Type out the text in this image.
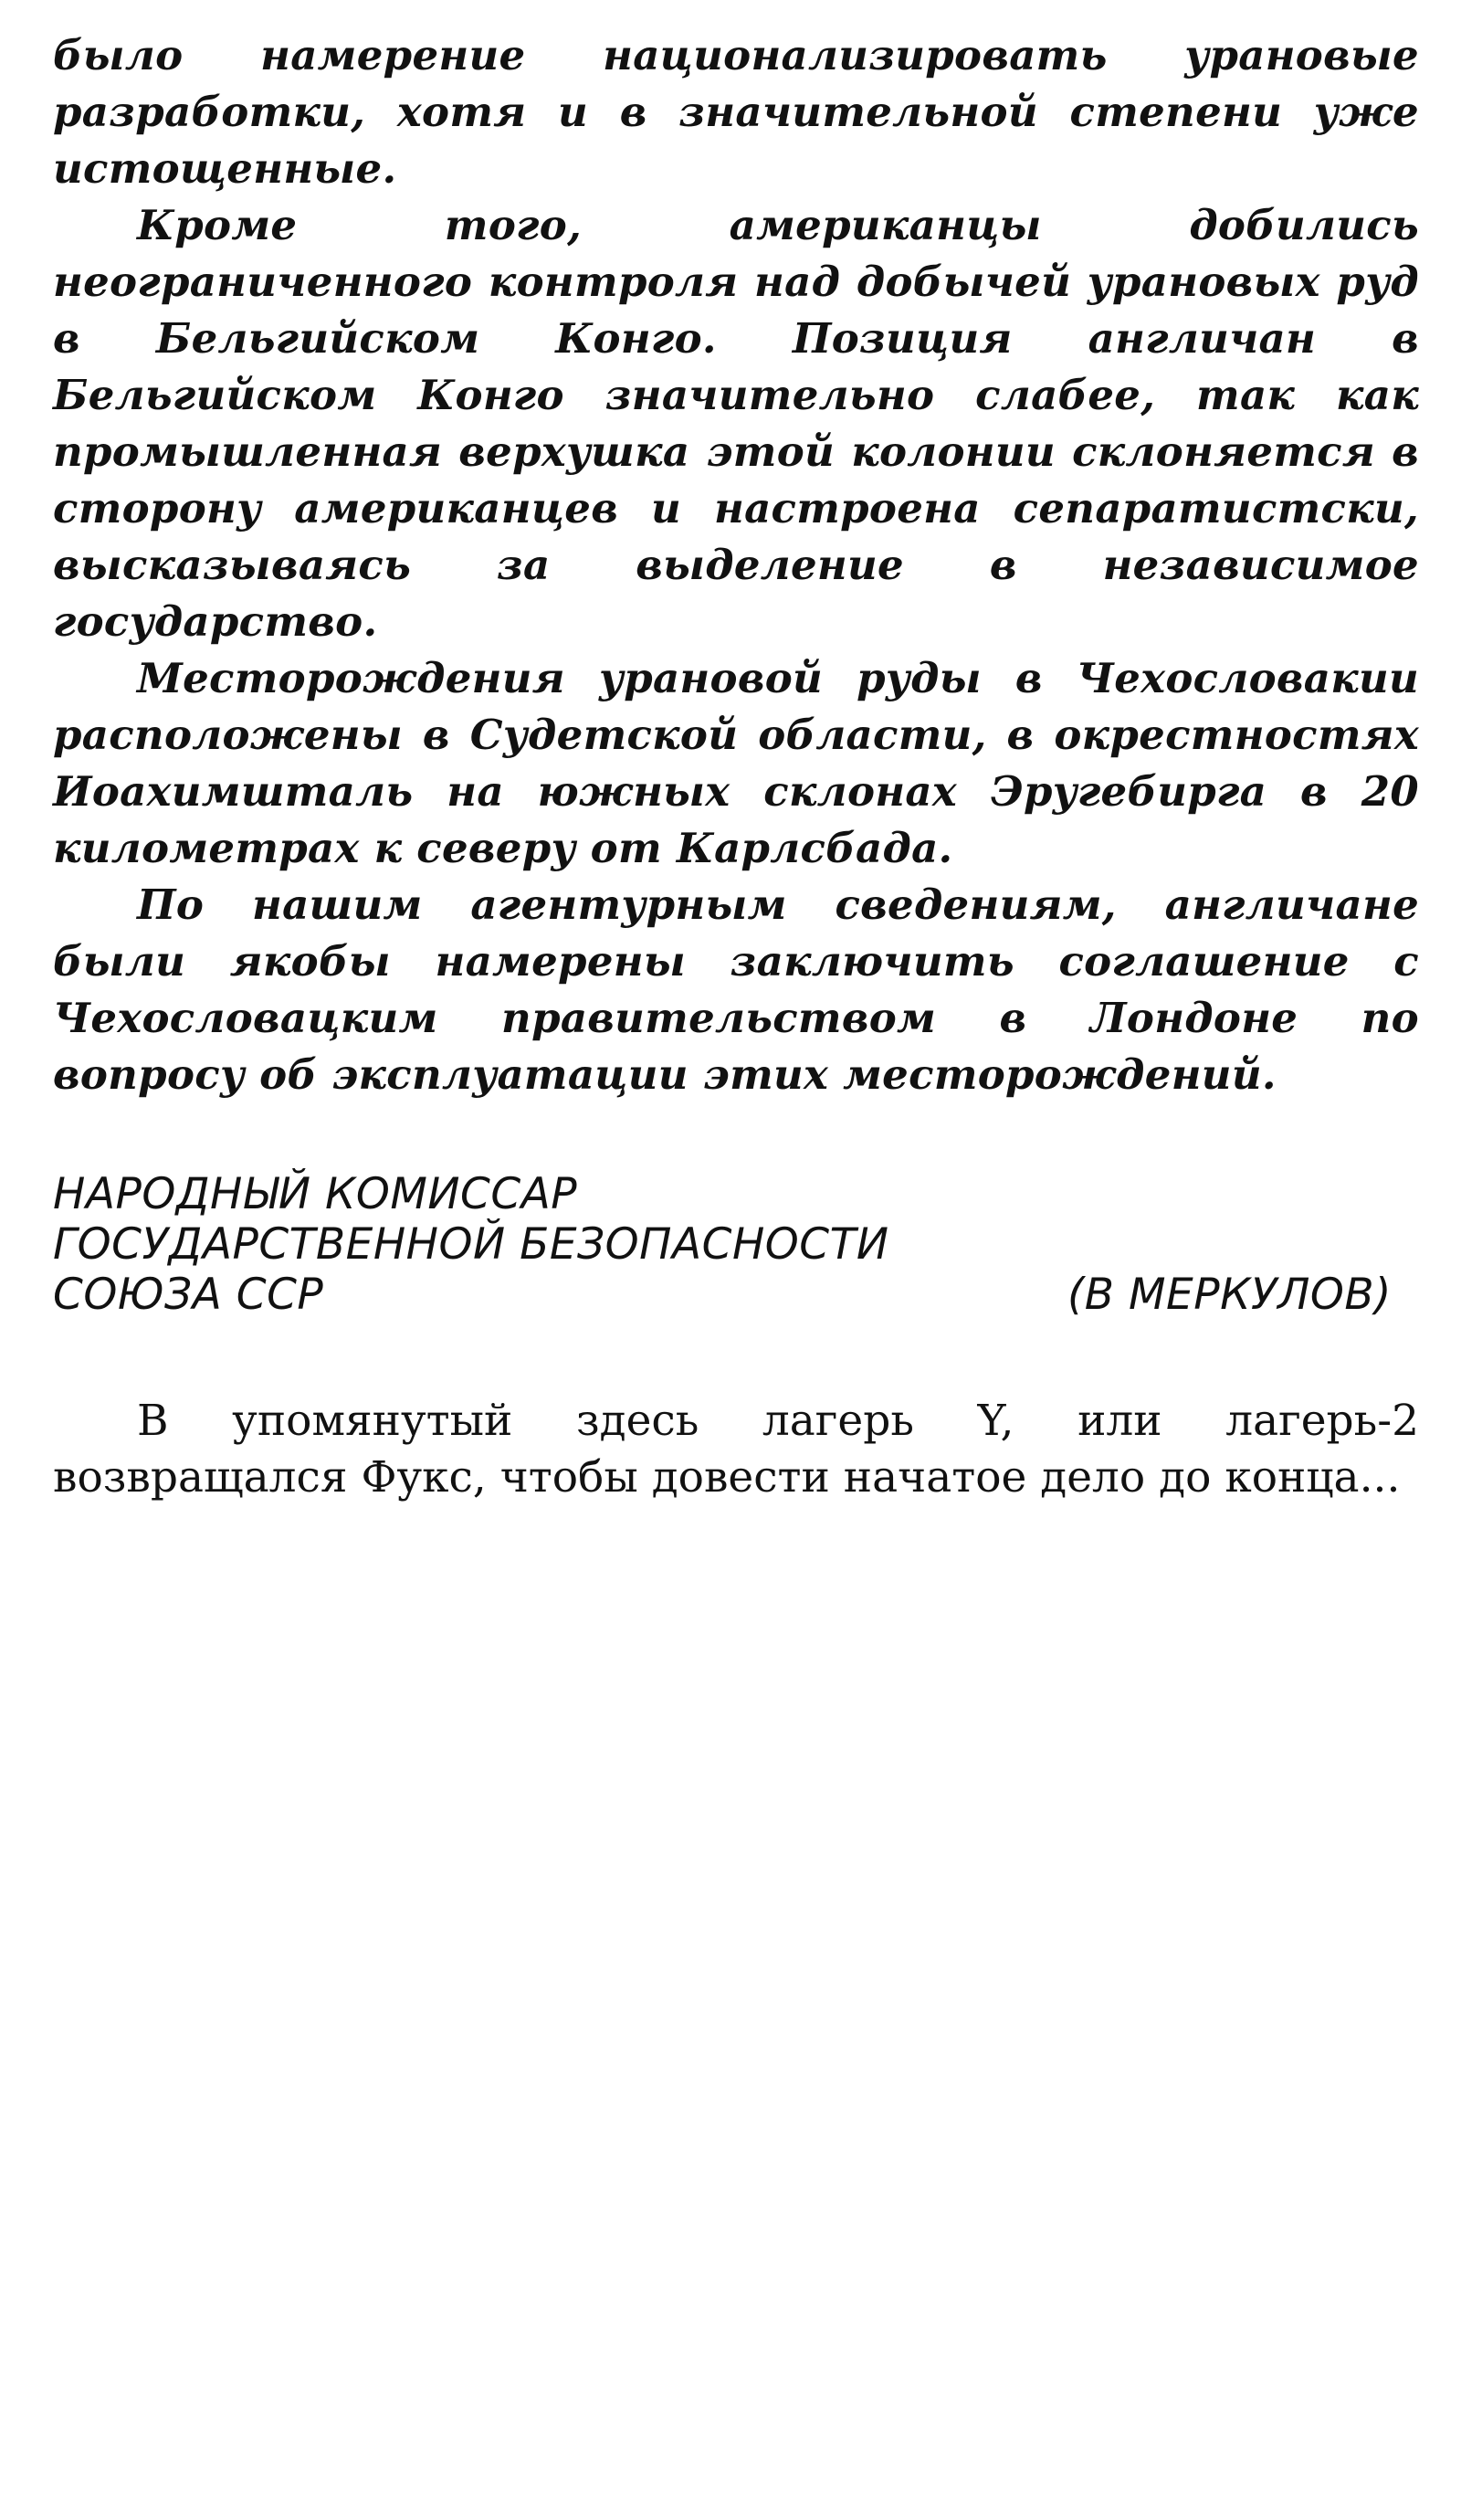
было намерение национализировать урановые разработки, хотя и в значительной степени уже истощенные.

Кроме того, американцы добились неограниченного контроля над добычей урановых руд в Бельгийском Конго. Позиция англичан в Бельгийском Конго значительно слабее, так как промышленная верхушка этой колонии склоняется в сторону американцев и настроена сепаратистски, высказываясь за выделение в независимое государство.

Месторождения урановой руды в Чехословакии расположены в Судетской области, в окрестностях Иоахимшталь на южных склонах Эругебирга в 20 километрах к северу от Карлсбада.

По нашим агентурным сведениям, англичане были якобы намерены заключить соглашение с Чехословацким правительством в Лондоне по вопросу об эксплуатации этих месторождений.

НАРОДНЫЙ КОМИССАР
ГОСУДАРСТВЕННОЙ БЕЗОПАСНОСТИ
СОЮЗА ССР	(В МЕРКУЛОВ)

В упомянутый здесь лагерь Y, или лагерь-2 возвращался Фукс, чтобы довести начатое дело до конца...
